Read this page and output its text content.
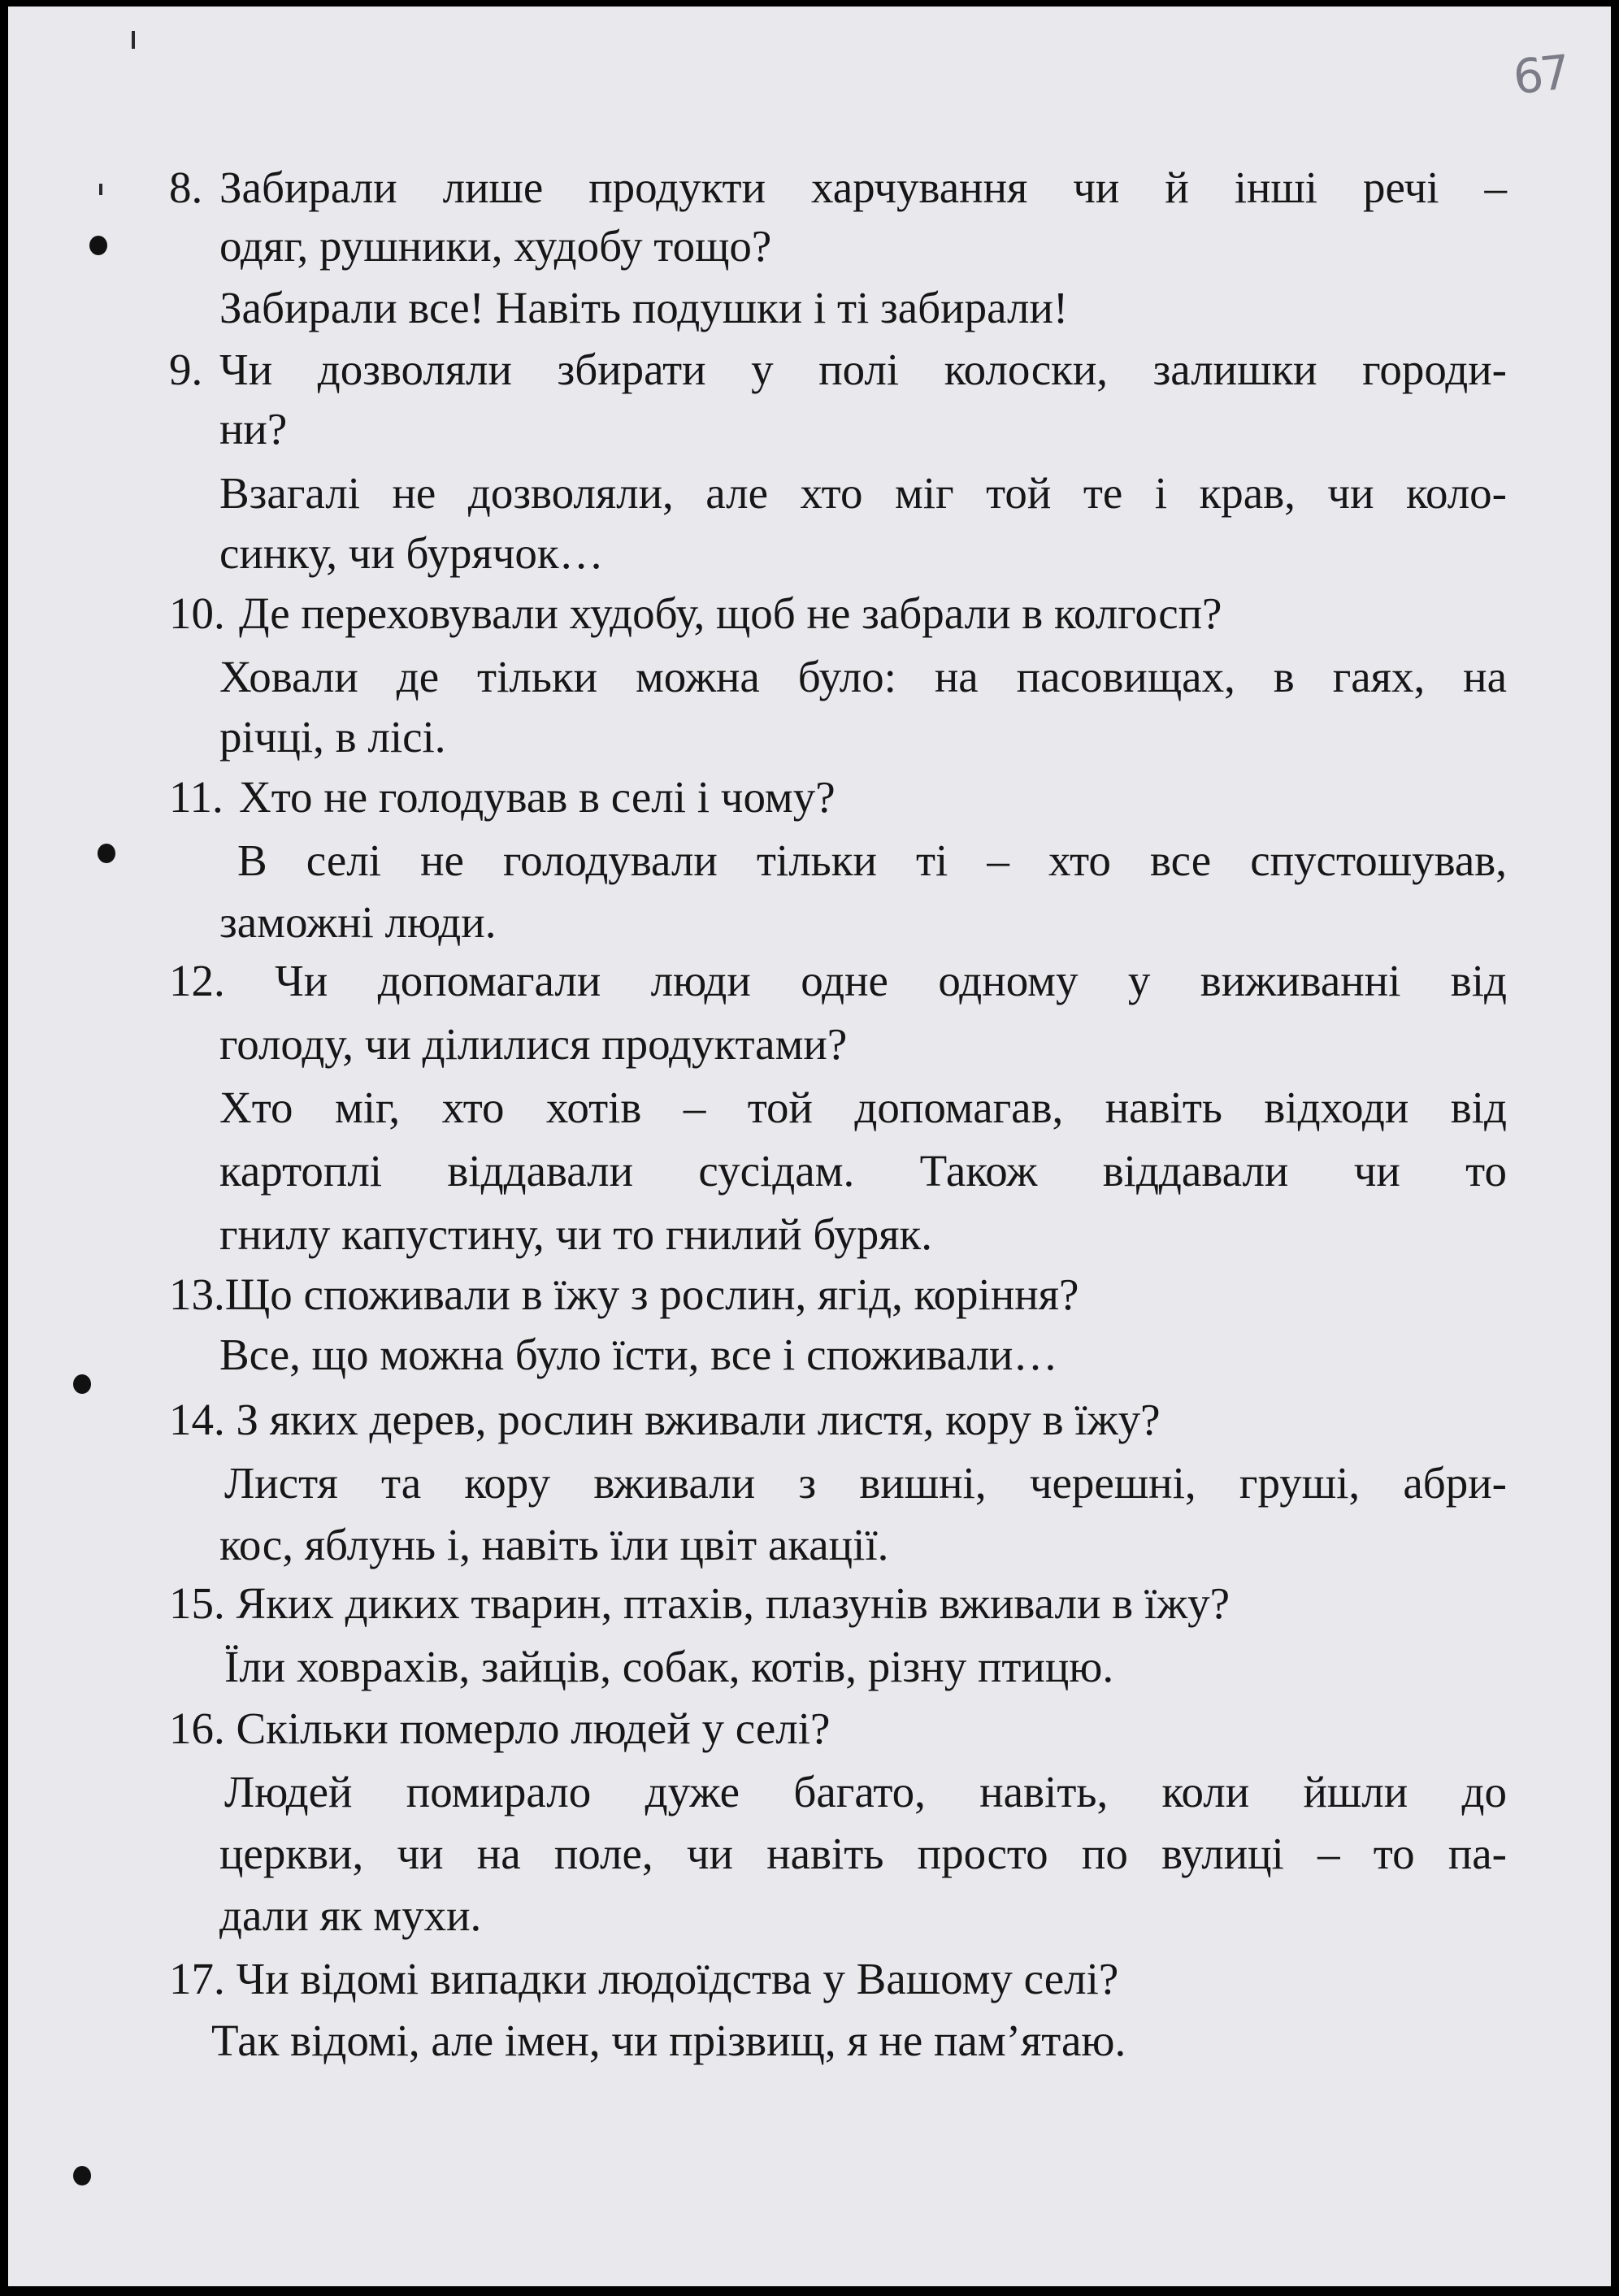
67
8. Забирали лише продукти харчування чи й інші речі –
одяг, рушники, худобу тощо?
Забирали все! Навіть подушки і ті забирали!
9. Чи дозволяли збирати у полі колоски, залишки городи-
ни?
Взагалі не дозволяли, але хто міг той те і крав, чи коло-
синку, чи бурячок…
10. Де переховували худобу, щоб не забрали в колгосп?
Ховали де тільки можна було: на пасовищах, в гаях, на
річці, в лісі.
11. Хто не голодував в селі і чому?
В селі не голодували тільки ті – хто все спустошував,
заможні люди.
12. Чи допомагали люди одне одному у виживанні від
голоду, чи ділилися продуктами?
Хто міг, хто хотів – той допомагав, навіть відходи від
картоплі віддавали сусідам. Також віддавали чи то
гнилу капустину, чи то гнилий буряк.
13.Що споживали в їжу з рослин, ягід, коріння?
Все, що можна було їсти, все і споживали…
14. З яких дерев, рослин вживали листя, кору в їжу?
Листя та кору вживали з вишні, черешні, груші, абри-
кос, яблунь і, навіть їли цвіт акації.
15. Яких диких тварин, птахів, плазунів вживали в їжу?
Їли ховрахів, зайців, собак, котів, різну птицю.
16. Скільки померло людей у селі?
Людей помирало дуже багато, навіть, коли йшли до
церкви, чи на поле, чи навіть просто по вулиці – то па-
дали як мухи.
17. Чи відомі випадки людоїдства у Вашому селі?
Так відомі, але імен, чи прізвищ, я не пам’ятаю.
